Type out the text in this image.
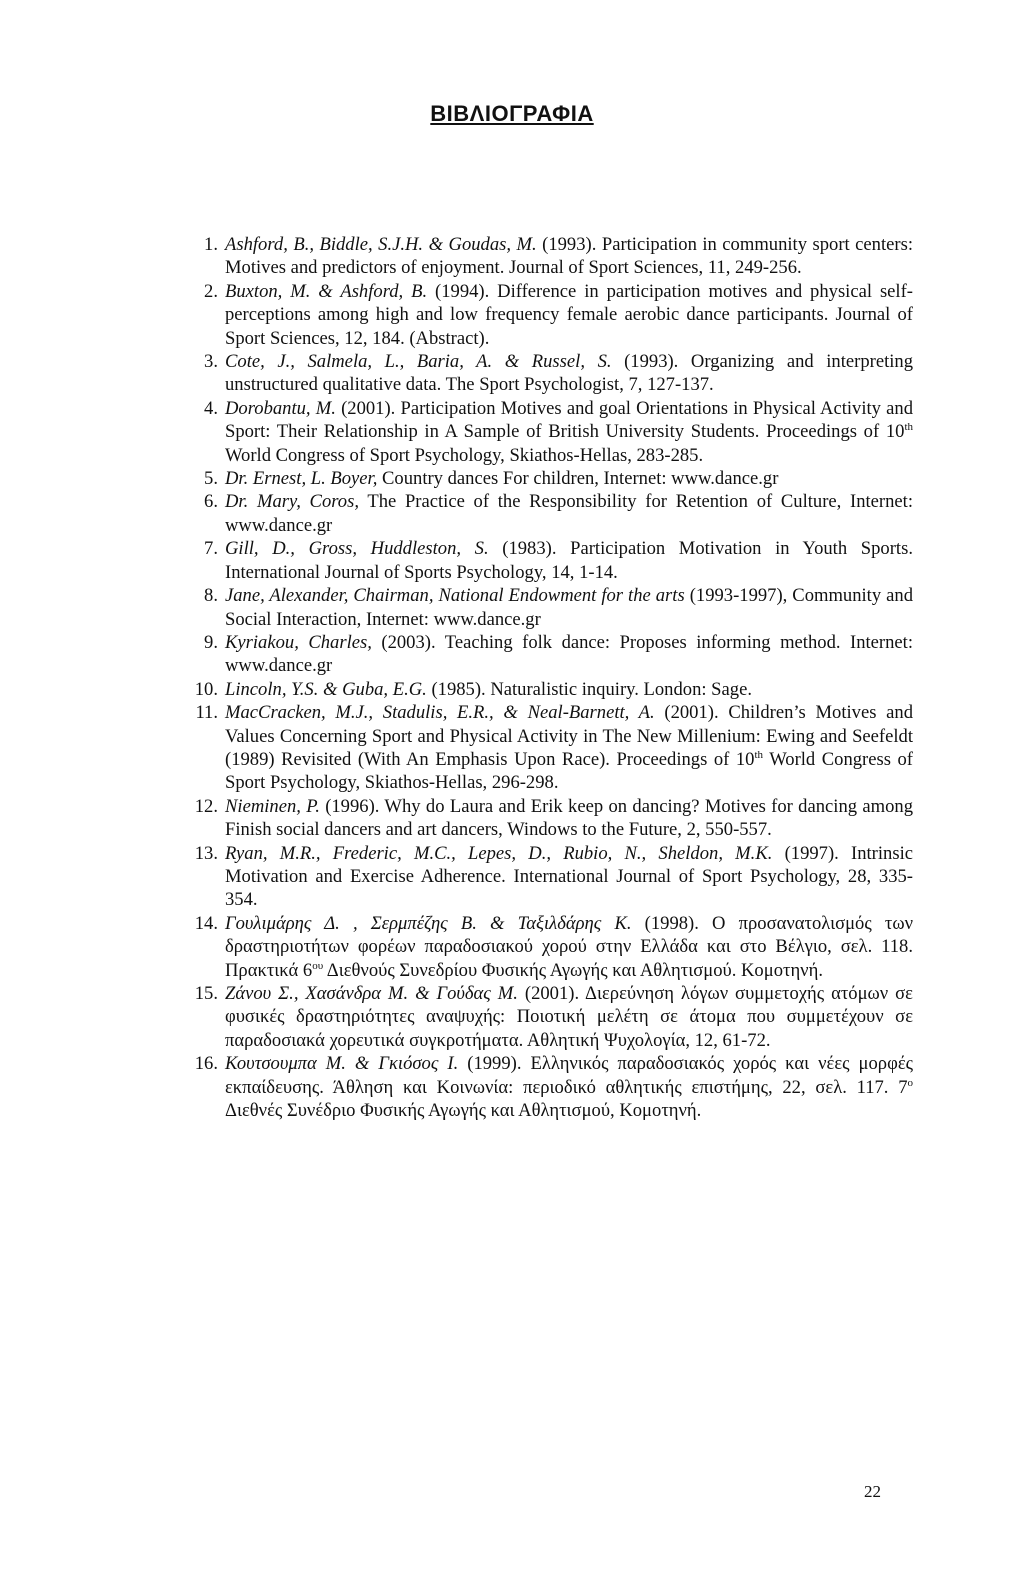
ΒΙΒΛΙΟΓΡΑΦΙΑ

1. Ashford, B., Biddle, S.J.H. & Goudas, M. (1993). Participation in community sport centers: Motives and predictors of enjoyment. Journal of Sport Sciences, 11, 249-256.

2. Buxton, M. & Ashford, B. (1994). Difference in participation motives and physical self- perceptions among high and low frequency female aerobic dance participants. Journal of Sport Sciences, 12, 184. (Abstract).

3. Cote, J., Salmela, L., Baria, A. & Russel, S. (1993). Organizing and interpreting unstructured qualitative data. The Sport Psychologist, 7, 127-137.

4. Dorobantu, M. (2001). Participation Motives and goal Orientations in Physical Activity and Sport: Their Relationship in A Sample of British University Students. Proceedings of 10th World Congress of Sport Psychology, Skiathos-Hellas, 283-285.

5. Dr. Ernest, L. Boyer, Country dances For children, Internet: www.dance.gr

6. Dr. Mary, Coros, The Practice of the Responsibility for Retention of Culture, Internet: www.dance.gr

7. Gill, D., Gross, Huddleston, S. (1983). Participation Motivation in Youth Sports. International Journal of Sports Psychology, 14, 1-14.

8. Jane, Alexander, Chairman, National Endowment for the arts (1993-1997), Community and Social Interaction, Internet: www.dance.gr

9. Kyriakou, Charles, (2003). Teaching folk dance: Proposes informing method. Internet: www.dance.gr

10. Lincoln, Y.S. & Guba, E.G. (1985). Naturalistic inquiry. London: Sage.

11. MacCracken, M.J., Stadulis, E.R., & Neal-Barnett, A. (2001). Children’s Motives and Values Concerning Sport and Physical Activity in The New Millenium: Ewing and Seefeldt (1989) Revisited (With An Emphasis Upon Race). Proceedings of 10th World Congress of Sport Psychology, Skiathos-Hellas, 296-298.

12. Nieminen, P. (1996). Why do Laura and Erik keep on dancing? Motives for dancing among Finish social dancers and art dancers, Windows to the Future, 2, 550-557.

13. Ryan, M.R., Frederic, M.C., Lepes, D., Rubio, N., Sheldon, M.K. (1997). Intrinsic Motivation and Exercise Adherence. International Journal of Sport Psychology, 28, 335-354.

14. Γουλιμάρης Δ. , Σερμπέζης Β. & Ταξιλδάρης Κ. (1998). Ο προσανατολισμός των δραστηριοτήτων φορέων παραδοσιακού χορού στην Ελλάδα και στο Βέλγιο, σελ. 118. Πρακτικά $6^{o\upsilon}$ Διεθνούς Συνεδρίου Φυσικής Αγωγής και Αθλητισμού. Κομοτηνή.

15. Ζάνου Σ., Χασάνδρα Μ. & Γούδας Μ. (2001). Διερεύνηση λόγων συμμετοχής ατόμων σε φυσικές δραστηριότητες αναψυχής: Ποιοτική μελέτη σε άτομα που συμμετέχουν σε παραδοσιακά χορευτικά συγκροτήματα. Αθλητική Ψυχολογία, 12, 61-72.

16. Κουτσουμπα Μ. & Γκιόσος Ι. (1999). Ελληνικός παραδοσιακός χορός και νέες μορφές εκπαίδευσης. Άθληση και Κοινωνία: περιοδικό αθλητικής επιστήμης, 22, σελ. 117. $7^o$ Διεθνές Συνέδριο Φυσικής Αγωγής και Αθλητισμού, Κομοτηνή.

22
